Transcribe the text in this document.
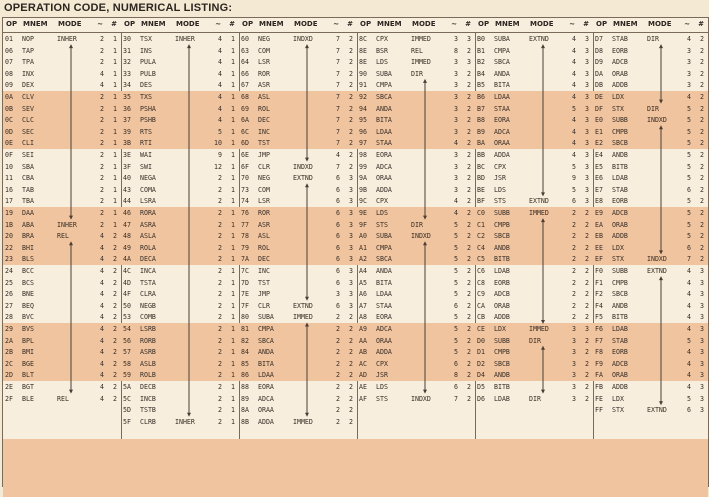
OPERATION CODE, NUMERICAL LISTING:
OP MNEM MODE ~ #
01 NOP	INHER	2 1
06 TAP	2 1
07 TPA	2 1
08 INX	4 1
09 DEX	4 1
0A CLV	2 1
0B SEV	2 1
0C CLC	2 1
0D SEC	2 1
0E CLI	2 1
0F SEI	2 1
10 SBA	2 1
11 CBA	2 1
16 TAB	2 1
17 TBA	2 1
19 DAA	2 1
1B ABA	INHER	2 1
20 BRA	REL	4 2
22 BHI	4 2
23 BLS	4 2
24 BCC	4 2
25 BCS	4 2
26 BNE	4 2
27 BEQ	4 2
28 BVC	4 2
29 BVS	4 2
2A BPL	4 2
2B BMI	4 2
2C BGE	4 2
2D BLT	4 2
2E BGT	4 2
2F BLE	REL	4 2
OP MNEM MODE ~ #
30 TSX	INHER	4 1
31 INS	4 1
32 PULA	4 1
33 PULB	4 1
34 DES	4 1
35 TXS	4 1
36 PSHA	4 1
37 PSHB	4 1
39 RTS	5 1
3B RTI	10 1
3E WAI	9 1
3F SWI	12 1
40 NEGA	2 1
43 COMA	2 1
44 LSRA	2 1
46 RORA	2 1
47 ASRA	2 1
48 ASLA	2 1
49 ROLA	2 1
4A DECA	2 1
4C INCA	2 1
4D TSTA	2 1
4F CLRA	2 1
50 NEGB	2 1
53 COMB	2 1
54 LSRB	2 1
56 RORB	2 1
57 ASRB	2 1
58 ASLB	2 1
59 ROLB	2 1
5A DECB	2 1
5C INCB	2 1
5D TSTB	2 1
5F CLRB	INHER	2 1
OP MNEM MODE ~ #
60 NEG	INDXD	7 2
63 COM	7 2
64 LSR	7 2
66 ROR	7 2
67 ASR	7 2
68 ASL	7 2
69 ROL	7 2
6A DEC	7 2
6C INC	7 2
6D TST	7 2
6E JMP	4 2
6F CLR	INDXD	7 2
70 NEG	EXTND	6 3
73 COM	6 3
74 LSR	6 3
76 ROR	6 3
77 ASR	6 3
78 ASL	6 3
79 ROL	6 3
7A DEC	6 3
7C INC	6 3
7D TST	6 3
7E JMP	3 3
7F CLR	EXTND	6 3
80 SUBA	IMMED	2 2
81 CMPA	2 2
82 SBCA	2 2
84 ANDA	2 2
85 BITA	2 2
86 LDAA	2 2
88 EORA	2 2
89 ADCA	2 2
8A ORAA	2 2
8B ADDA	IMMED	2 2
OP MNEM MODE ~ #
8C CPX	IMMED	3 3
8E BSR	REL	8 2
8E LDS	IMMED	3 3
90 SUBA	DIR	3 2
91 CMPA	3 2
92 SBCA	3 2
94 ANDA	3 2
95 BITA	3 2
96 LDAA	3 2
97 STAA	4 2
98 EORA	3 2
99 ADCA	3 2
9A ORAA	3 2
9B ADDA	3 2
9C CPX	4 2
9E LDS	4 2
9F STS	DIR	5 2
A0 SUBA	INDXD	5 2
A1 CMPA	5 2
A2 SBCA	5 2
A4 ANDA	5 2
A5 BITA	5 2
A6 LDAA	5 2
A7 STAA	6 2
A8 EORA	5 2
A9 ADCA	5 2
AA ORAA	5 2
AB ADDA	5 2
AC CPX	6 2
AD JSR	8 2
AE LDS	6 2
AF STS	INDXD	7 2
OP MNEM MODE ~ #
B0 SUBA	EXTND	4 3
B1 CMPA	4 3
B2 SBCA	4 3
B4 ANDA	4 3
B5 BITA	4 3
B6 LDAA	4 3
B7 STAA	5 3
B8 EORA	4 3
B9 ADCA	4 3
BA ORAA	4 3
BB ADDA	4 3
BC CPX	5 3
BD JSR	9 3
BE LDS	5 3
BF STS	EXTND	6 3
C0 SUBB	IMMED	2 2
C1 CMPB	2 2
C2 SBCB	2 2
C4 ANDB	2 2
C5 BITB	2 2
C6 LDAB	2 2
C8 EORB	2 2
C9 ADCB	2 2
CA ORAB	2 2
CB ADDB	2 2
CE LDX	IMMED	3 3
D0 SUBB	DIR	3 2
D1 CMPB	3 2
D2 SBCB	3 2
D4 ANDB	3 2
D5 BITB	3 2
D6 LDAB	DIR	3 2
OP MNEM MODE ~ #
D7 STAB	DIR	4 2
D8 EORB	3 2
D9 ADCB	3 2
DA ORAB	3 2
DB ADDB	3 2
DE LDX	4 2
DF STX	DIR	5 2
E0 SUBB	INDXD	5 2
E1 CMPB	5 2
E2 SBCB	5 2
E4 ANDB	5 2
E5 BITB	5 2
E6 LDAB	5 2
E7 STAB	6 2
E8 EORB	5 2
E9 ADCB	5 2
EA ORAB	5 2
EB ADDB	5 2
EE LDX	6 2
EF STX	INDXD	7 2
F0 SUBB	EXTND	4 3
F1 CMPB	4 3
F2 SBCB	4 3
F4 ANDB	4 3
F5 BITB	4 3
F6 LDAB	4 3
F7 STAB	5 3
F8 EORB	4 3
F9 ADCB	4 3
FA ORAB	4 3
FB ADDB	4 3
FE LDX	5 3
FF STX	EXTND	6 3
